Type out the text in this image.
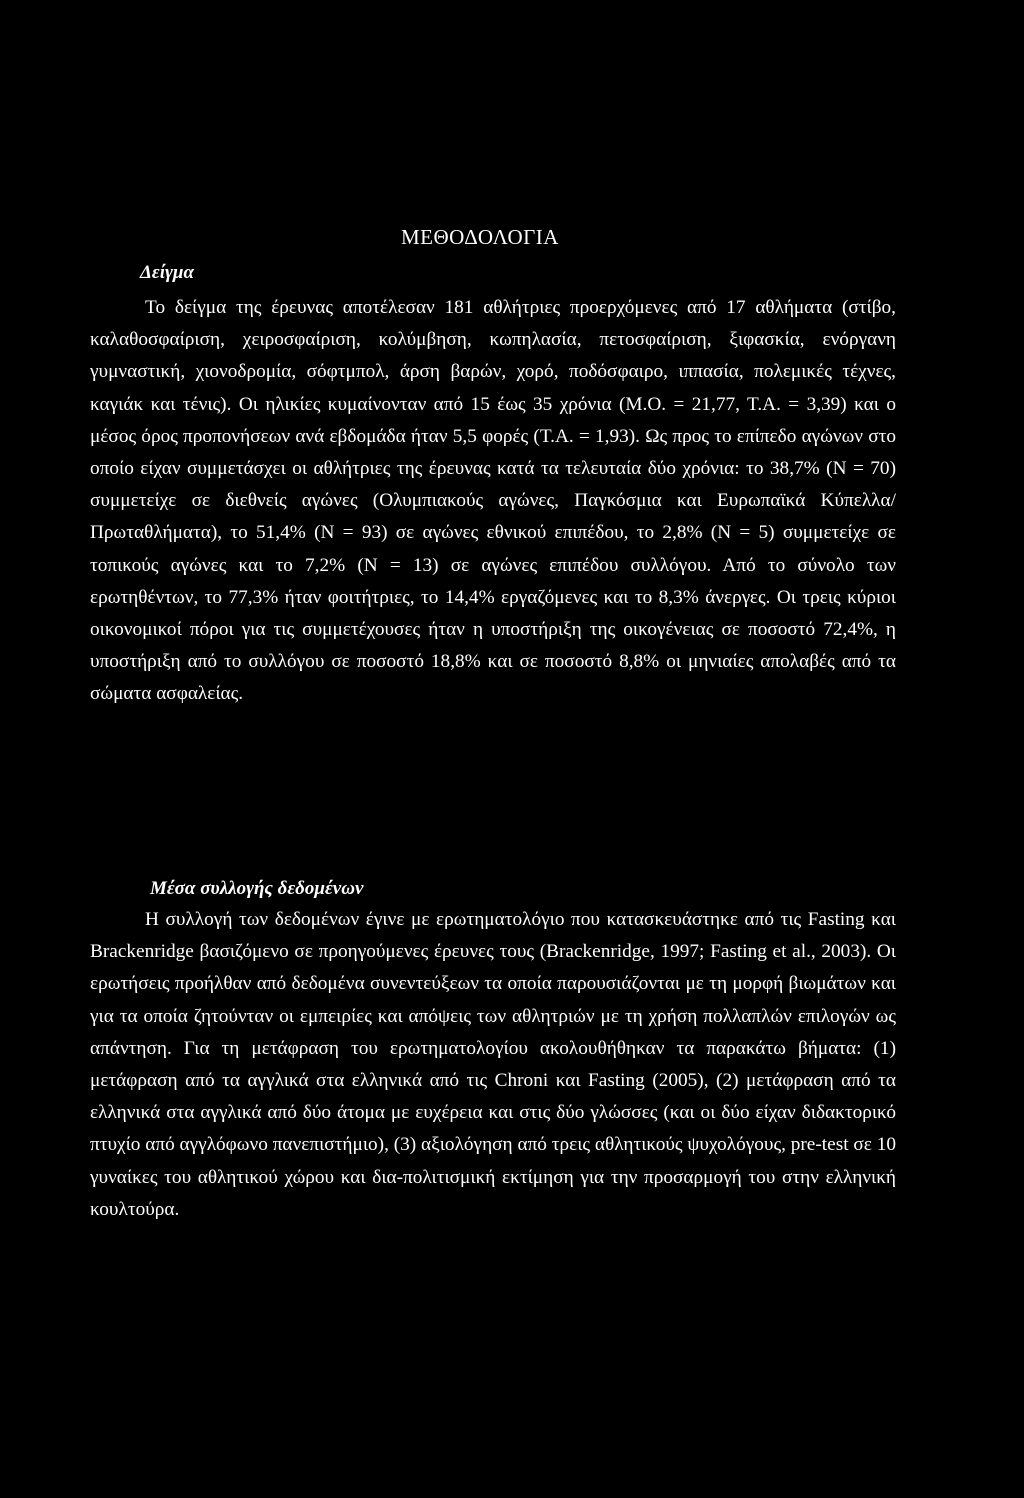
ΜΕΘΟΔΟΛΟΓΙΑ
Δείγμα
Το δείγμα της έρευνας αποτέλεσαν 181 αθλήτριες προερχόμενες από 17 αθλήματα (στίβο, καλαθοσφαίριση, χειροσφαίριση, κολύμβηση, κωπηλασία, πετοσφαίριση, ξιφασκία, ενόργανη γυμναστική, χιονοδρομία, σόφτμπολ, άρση βαρών, χορό, ποδόσφαιρο, ιππασία, πολεμικές τέχνες, καγιάκ και τένις). Οι ηλικίες κυμαίνονταν από 15 έως 35 χρόνια (Μ.Ο. = 21,77, Τ.Α. = 3,39) και ο μέσος όρος προπονήσεων ανά εβδομάδα ήταν 5,5 φορές (Τ.Α. = 1,93). Ως προς το επίπεδο αγώνων στο οποίο είχαν συμμετάσχει οι αθλήτριες της έρευνας κατά τα τελευταία δύο χρόνια: το 38,7% (Ν = 70) συμμετείχε σε διεθνείς αγώνες (Ολυμπιακούς αγώνες, Παγκόσμια και Ευρωπαϊκά Κύπελλα/Πρωταθλήματα), το 51,4% (Ν = 93) σε αγώνες εθνικού επιπέδου, το 2,8% (Ν = 5) συμμετείχε σε τοπικούς αγώνες και το 7,2% (Ν = 13) σε αγώνες επιπέδου συλλόγου. Από το σύνολο των ερωτηθέντων, το 77,3% ήταν φοιτήτριες, το 14,4% εργαζόμενες και το 8,3% άνεργες. Οι τρεις κύριοι οικονομικοί πόροι για τις συμμετέχουσες ήταν η υποστήριξη της οικογένειας σε ποσοστό 72,4%, η υποστήριξη από το συλλόγου σε ποσοστό 18,8% και σε ποσοστό 8,8% οι μηνιαίες απολαβές από τα σώματα ασφαλείας.
Μέσα συλλογής δεδομένων
Η συλλογή των δεδομένων έγινε με ερωτηματολόγιο που κατασκευάστηκε από τις Fasting και Brackenridge βασιζόμενο σε προηγούμενες έρευνες τους (Brackenridge, 1997; Fasting et al., 2003). Οι ερωτήσεις προήλθαν από δεδομένα συνεντεύξεων τα οποία παρουσιάζονται με τη μορφή βιωμάτων και για τα οποία ζητούνταν οι εμπειρίες και απόψεις των αθλητριών με τη χρήση πολλαπλών επιλογών ως απάντηση. Για τη μετάφραση του ερωτηματολογίου ακολουθήθηκαν τα παρακάτω βήματα: (1) μετάφραση από τα αγγλικά στα ελληνικά από τις Chroni και Fasting (2005), (2) μετάφραση από τα ελληνικά στα αγγλικά από δύο άτομα με ευχέρεια και στις δύο γλώσσες (και οι δύο είχαν διδακτορικό πτυχίο από αγγλόφωνο πανεπιστήμιο), (3) αξιολόγηση από τρεις αθλητικούς ψυχολόγους, pre-test σε 10 γυναίκες του αθλητικού χώρου και δια-πολιτισμική εκτίμηση για την προσαρμογή του στην ελληνική κουλτούρα.
